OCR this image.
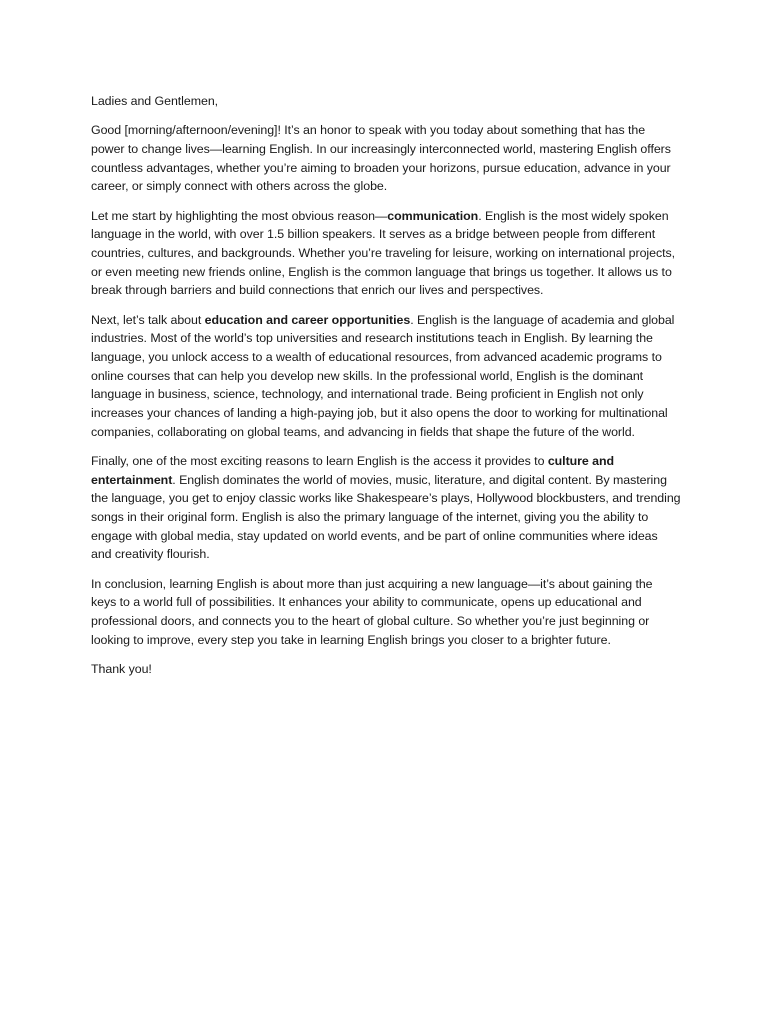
Ladies and Gentlemen,

Good [morning/afternoon/evening]! It’s an honor to speak with you today about something that has the power to change lives—learning English. In our increasingly interconnected world, mastering English offers countless advantages, whether you’re aiming to broaden your horizons, pursue education, advance in your career, or simply connect with others across the globe.

Let me start by highlighting the most obvious reason—communication. English is the most widely spoken language in the world, with over 1.5 billion speakers. It serves as a bridge between people from different countries, cultures, and backgrounds. Whether you’re traveling for leisure, working on international projects, or even meeting new friends online, English is the common language that brings us together. It allows us to break through barriers and build connections that enrich our lives and perspectives.

Next, let’s talk about education and career opportunities. English is the language of academia and global industries. Most of the world’s top universities and research institutions teach in English. By learning the language, you unlock access to a wealth of educational resources, from advanced academic programs to online courses that can help you develop new skills. In the professional world, English is the dominant language in business, science, technology, and international trade. Being proficient in English not only increases your chances of landing a high-paying job, but it also opens the door to working for multinational companies, collaborating on global teams, and advancing in fields that shape the future of the world.

Finally, one of the most exciting reasons to learn English is the access it provides to culture and entertainment. English dominates the world of movies, music, literature, and digital content. By mastering the language, you get to enjoy classic works like Shakespeare’s plays, Hollywood blockbusters, and trending songs in their original form. English is also the primary language of the internet, giving you the ability to engage with global media, stay updated on world events, and be part of online communities where ideas and creativity flourish.

In conclusion, learning English is about more than just acquiring a new language—it’s about gaining the keys to a world full of possibilities. It enhances your ability to communicate, opens up educational and professional doors, and connects you to the heart of global culture. So whether you’re just beginning or looking to improve, every step you take in learning English brings you closer to a brighter future.

Thank you!
